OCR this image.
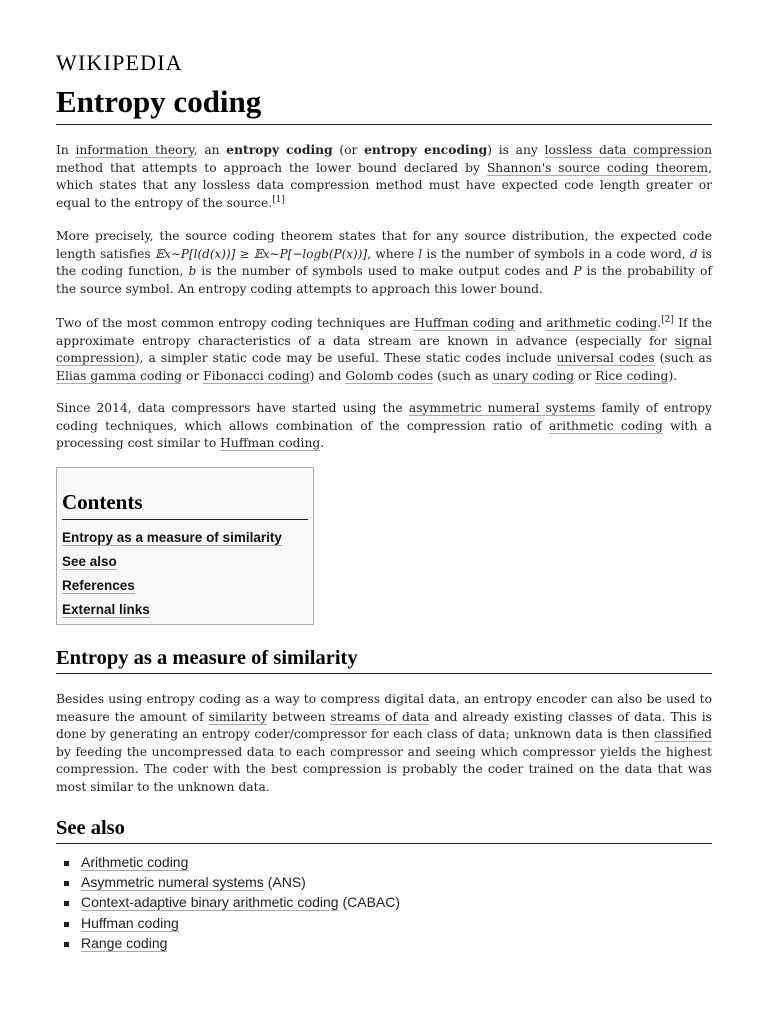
WIKIPEDIA
Entropy coding

In information theory, an entropy coding (or entropy encoding) is any lossless data compression method that attempts to approach the lower bound declared by Shannon's source coding theorem, which states that any lossless data compression method must have expected code length greater or equal to the entropy of the source.[1]

More precisely, the source coding theorem states that for any source distribution, the expected code length satisfies 𝔼x∼P[l(d(x))] ≥ 𝔼x∼P[−logb(P(x))], where l is the number of symbols in a code word, d is the coding function, b is the number of symbols used to make output codes and P is the probability of the source symbol. An entropy coding attempts to approach this lower bound.

Two of the most common entropy coding techniques are Huffman coding and arithmetic coding.[2] If the approximate entropy characteristics of a data stream are known in advance (especially for signal compression), a simpler static code may be useful. These static codes include universal codes (such as Elias gamma coding or Fibonacci coding) and Golomb codes (such as unary coding or Rice coding).

Since 2014, data compressors have started using the asymmetric numeral systems family of entropy coding techniques, which allows combination of the compression ratio of arithmetic coding with a processing cost similar to Huffman coding.

Contents
Entropy as a measure of similarity
See also
References
External links
Entropy as a measure of similarity

Besides using entropy coding as a way to compress digital data, an entropy encoder can also be used to measure the amount of similarity between streams of data and already existing classes of data. This is done by generating an entropy coder/compressor for each class of data; unknown data is then classified by feeding the uncompressed data to each compressor and seeing which compressor yields the highest compression. The coder with the best compression is probably the coder trained on the data that was most similar to the unknown data.

See also
Arithmetic coding
Asymmetric numeral systems (ANS)
Context-adaptive binary arithmetic coding (CABAC)
Huffman coding
Range coding
